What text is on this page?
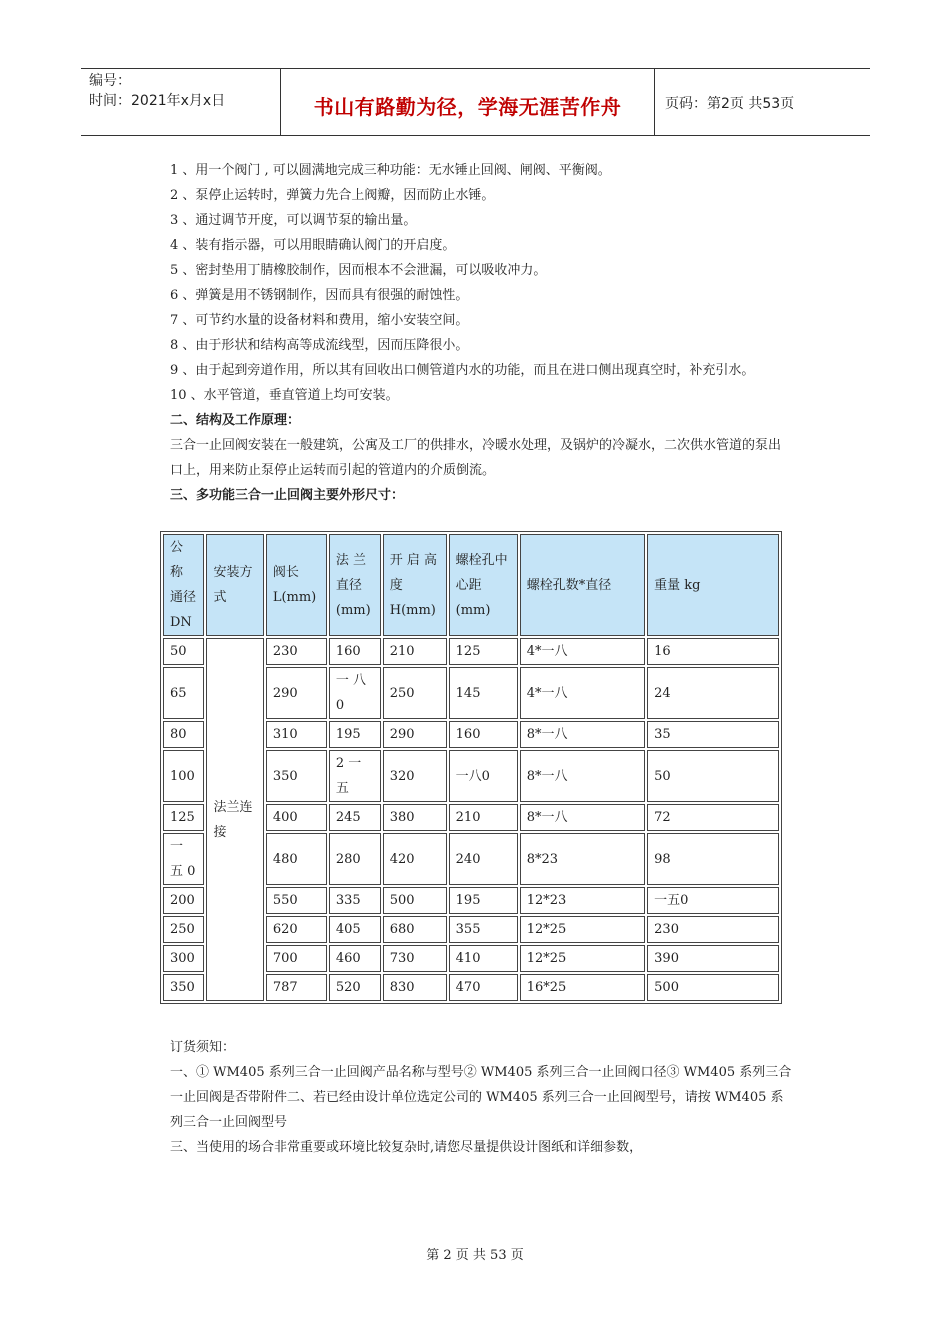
编号：
时间：2021年x月x日	书山有路勤为径，学海无涯苦作舟	页码：第2页 共53页

1 、用一个阀门 , 可以圆满地完成三种功能：无水锤止回阀、闸阀、平衡阀。

2 、泵停止运转时，弹簧力先合上阀瓣，因而防止水锤。

3 、通过调节开度，可以调节泵的输出量。

4 、装有指示器，可以用眼睛确认阀门的开启度。

5 、密封垫用丁腈橡胶制作，因而根本不会泄漏，可以吸收冲力。

6 、弹簧是用不锈钢制作，因而具有很强的耐蚀性。

7 、可节约水量的设备材料和费用，缩小安装空间。

8 、由于形状和结构高等成流线型，因而压降很小。

9 、由于起到旁道作用，所以其有回收出口侧管道内水的功能，而且在进口侧出现真空时，补充引水。

10 、水平管道，垂直管道上均可安装。

二、结构及工作原理：

三合一止回阀安装在一般建筑，公寓及工厂的供排水，冷暖水处理，及锅炉的冷凝水，二次供水管道的泵出口上，用来防止泵停止运转而引起的管道内的介质倒流。

三、多功能三合一止回阀主要外形尺寸：

公 称 通径 DN	安装方式	阀长 L(mm)	法 兰 直径 (mm)	开 启 高度 H(mm)	螺栓孔中心距 (mm)	螺栓孔数*直径	重量 kg
50	法兰连接	230	160	210	125	4*一八	16
65		290	一 八 0	250	145	4*一八	24
80		310	195	290	160	8*一八	35
100		350	2 一 五	320	一八0	8*一八	50
125		400	245	380	210	8*一八	72
一 五 0		480	280	420	240	8*23	98
200		550	335	500	195	12*23	一五0
250		620	405	680	355	12*25	230
300		700	460	730	410	12*25	390
350		787	520	830	470	16*25	500

订货须知：

一、① WM405 系列三合一止回阀产品名称与型号② WM405 系列三合一止回阀口径③ WM405 系列三合一止回阀是否带附件二、若已经由设计单位选定公司的 WM405 系列三合一止回阀型号，请按 WM405 系列三合一止回阀型号

三、当使用的场合非常重要或环境比较复杂时,请您尽量提供设计图纸和详细参数，

第 2 页 共 53 页
